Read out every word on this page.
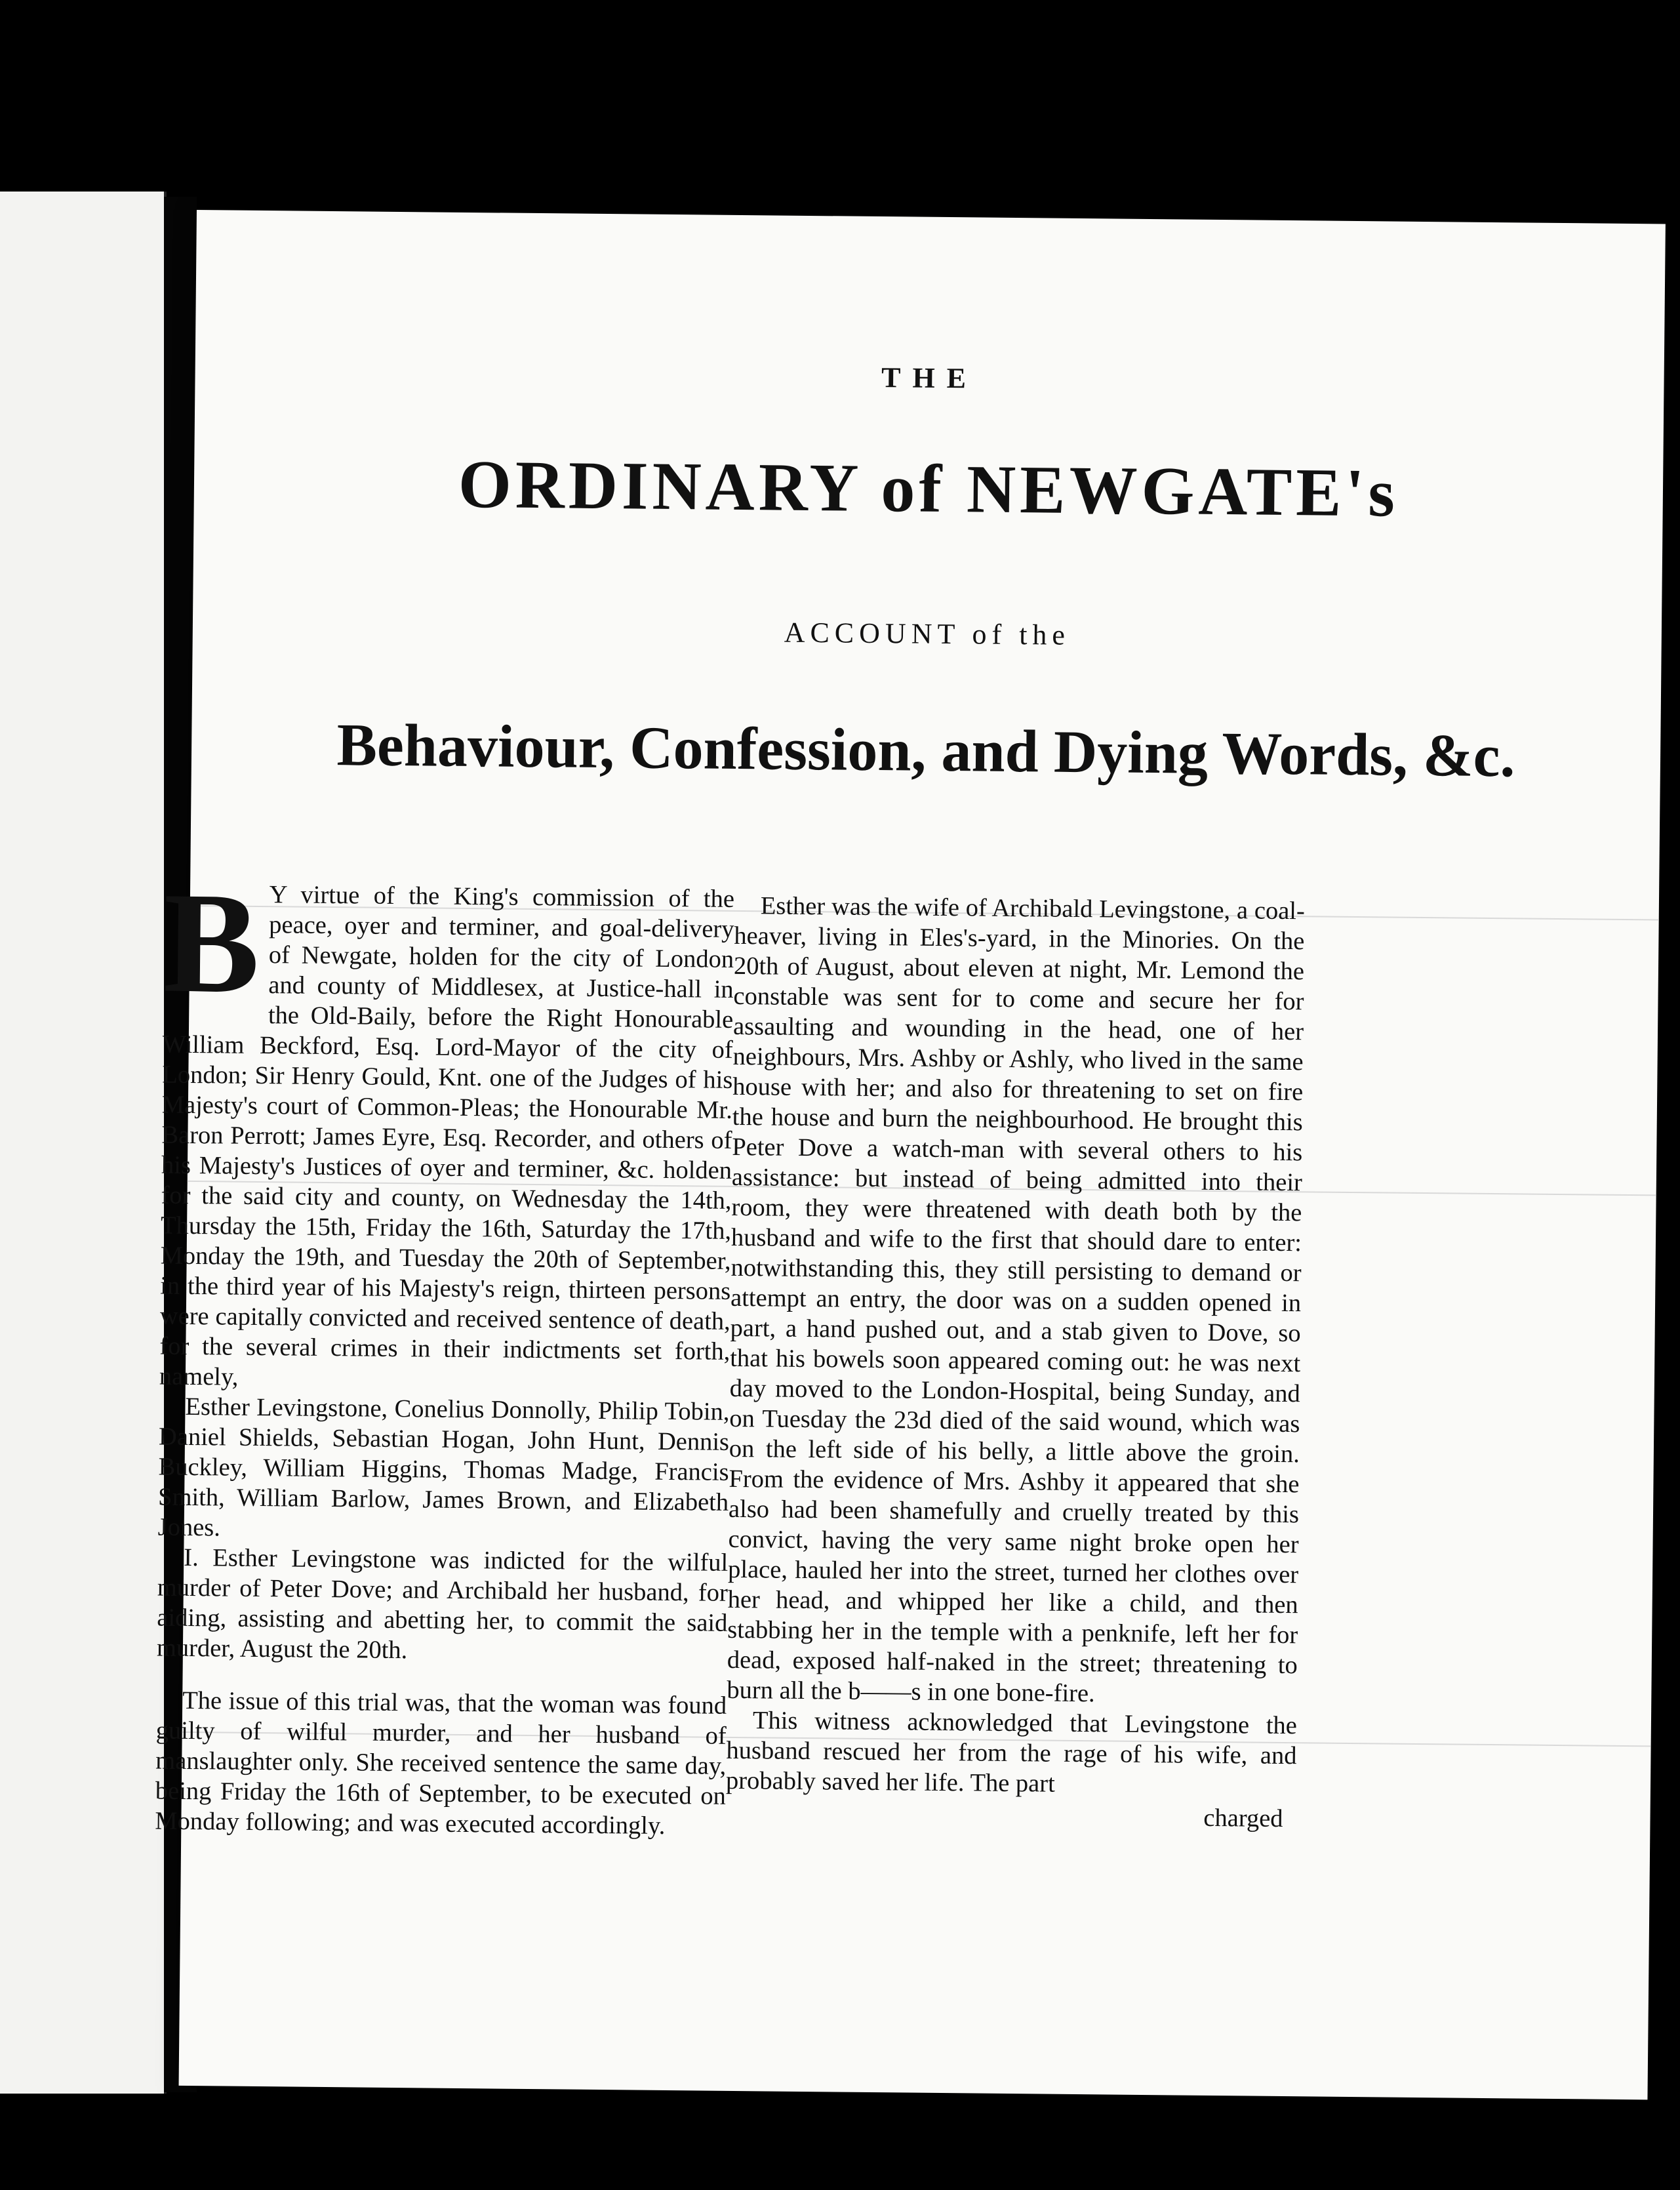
THE
ORDINARY of NEWGATE's
ACCOUNT of the
Behaviour, Confession, and Dying Words, &c.

B Y virtue of the King's commission of the peace, oyer and terminer, and goal-delivery of Newgate, holden for the city of London and county of Middlesex, at Justice-hall in the Old-Baily, before the Right Honourable William Beckford, Esq. Lord-Mayor of the city of London; Sir Henry Gould, Knt. one of the Judges of his Majesty's court of Common-Pleas; the Honourable Mr. Baron Perrott; James Eyre, Esq. Recorder, and others of his Majesty's Justices of oyer and terminer, &c. holden for the said city and county, on Wednesday the 14th, Thursday the 15th, Friday the 16th, Saturday the 17th, Monday the 19th, and Tuesday the 20th of September, in the third year of his Majesty's reign, thirteen persons were capitally convicted and received sentence of death, for the several crimes in their indictments set forth, namely,

Esther Levingstone, Conelius Donnolly, Philip Tobin, Daniel Shields, Sebastian Hogan, John Hunt, Dennis Buckley, William Higgins, Thomas Madge, Francis Smith, William Barlow, James Brown, and Elizabeth Jones.

I. Esther Levingstone was indicted for the wilful murder of Peter Dove; and Archibald her husband, for aiding, assisting and abetting her, to commit the said murder, August the 20th.

The issue of this trial was, that the woman was found guilty of wilful murder, and her husband of manslaughter only. She received sentence the same day, being Friday the 16th of September, to be executed on Monday following; and was executed accordingly.

Esther was the wife of Archibald Levingstone, a coal-heaver, living in Eles's-yard, in the Minories. On the 20th of August, about eleven at night, Mr. Lemond the constable was sent for to come and secure her for assaulting and wounding in the head, one of her neighbours, Mrs. Ashby or Ashly, who lived in the same house with her; and also for threatening to set on fire the house and burn the neighbourhood. He brought this Peter Dove a watch-man with several others to his assistance: but instead of being admitted into their room, they were threatened with death both by the husband and wife to the first that should dare to enter: notwithstanding this, they still persisting to demand or attempt an entry, the door was on a sudden opened in part, a hand pushed out, and a stab given to Dove, so that his bowels soon appeared coming out: he was next day moved to the London-Hospital, being Sunday, and on Tuesday the 23d died of the said wound, which was on the left side of his belly, a little above the groin. From the evidence of Mrs. Ashby it appeared that she also had been shamefully and cruelly treated by this convict, having the very same night broke open her place, hauled her into the street, turned her clothes over her head, and whipped her like a child, and then stabbing her in the temple with a penknife, left her for dead, exposed half-naked in the street; threatening to burn all the b——s in one bone-fire.

This witness acknowledged that Levingstone the husband rescued her from the rage of his wife, and probably saved her life. The part

charged
